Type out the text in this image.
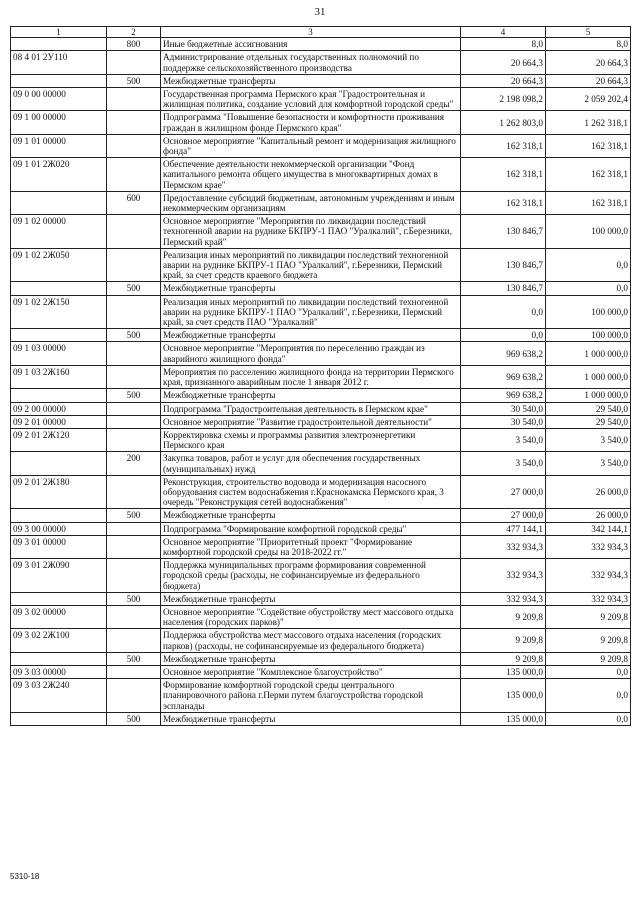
31
1	2	3	4	5
	800	Иные бюджетные ассигнования	8,0	8,0
08 4 01 2У110		Администрирование отдельных государственных полномочий по поддержке сельскохозяйственного производства	20 664,3	20 664,3
	500	Межбюджетные трансферты	20 664,3	20 664,3
09 0 00 00000		Государственная программа Пермского края "Градостроительная и жилищная политика, создание условий для комфортной городской среды"	2 198 098,2	2 059 202,4
09 1 00 00000		Подпрограмма "Повышение безопасности и комфортности проживания граждан в жилищном фонде Пермского края"	1 262 803,0	1 262 318,1
09 1 01 00000		Основное мероприятие "Капитальный ремонт и модернизация жилищного фонда"	162 318,1	162 318,1
09 1 01 2Ж020		Обеспечение деятельности некоммерческой организации "Фонд капитального ремонта общего имущества в многоквартирных домах в Пермском крае"	162 318,1	162 318,1
	600	Предоставление субсидий бюджетным, автономным учреждениям и иным некоммерческим организациям	162 318,1	162 318,1
09 1 02 00000		Основное мероприятие "Мероприятия по ликвидации последствий техногенной аварии на руднике БКПРУ-1 ПАО "Уралкалий", г.Березники, Пермский край"	130 846,7	100 000,0
09 1 02 2Ж050		Реализация иных мероприятий по ликвидации последствий техногенной аварии на руднике БКПРУ-1 ПАО "Уралкалий", г.Березники, Пермский край, за счет средств краевого бюджета	130 846,7	0,0
	500	Межбюджетные трансферты	130 846,7	0,0
09 1 02 2Ж150		Реализация иных мероприятий по ликвидации последствий техногенной аварии на руднике БКПРУ-1 ПАО "Уралкалий", г.Березники, Пермский край, за счет средств ПАО "Уралкалий"	0,0	100 000,0
	500	Межбюджетные трансферты	0,0	100 000,0
09 1 03 00000		Основное мероприятие "Мероприятия по переселению граждан из аварийного жилищного фонда"	969 638,2	1 000 000,0
09 1 03 2Ж160		Мероприятия по расселению жилищного фонда на территории Пермского края, признанного аварийным после 1 января 2012 г.	969 638,2	1 000 000,0
	500	Межбюджетные трансферты	969 638,2	1 000 000,0
09 2 00 00000		Подпрограмма "Градостроительная деятельность в Пермском крае"	30 540,0	29 540,0
09 2 01 00000		Основное мероприятие "Развитие градостроительной деятельности"	30 540,0	29 540,0
09 2 01 2Ж120		Корректировка схемы и программы развития электроэнергетики Пермского края	3 540,0	3 540,0
	200	Закупка товаров, работ и услуг для обеспечения государственных (муниципальных) нужд	3 540,0	3 540,0
09 2 01 2Ж180		Реконструкция, строительство водовода и модернизация насосного оборудования систем водоснабжения г.Краснокамска Пермского края, 3 очередь "Реконструкция сетей водоснабжения"	27 000,0	26 000,0
	500	Межбюджетные трансферты	27 000,0	26 000,0
09 3 00 00000		Подпрограмма "Формирование комфортной городской среды"	477 144,1	342 144,1
09 3 01 00000		Основное мероприятие "Приоритетный проект "Формирование комфортной городской среды на 2018-2022 гг."	332 934,3	332 934,3
09 3 01 2Ж090		Поддержка муниципальных программ формирования современной городской среды (расходы, не софинансируемые из федерального бюджета)	332 934,3	332 934,3
	500	Межбюджетные трансферты	332 934,3	332 934,3
09 3 02 00000		Основное мероприятие "Содействие обустройству мест массового отдыха населения (городских парков)"	9 209,8	9 209,8
09 3 02 2Ж100		Поддержка обустройства мест массового отдыха населения (городских парков) (расходы, не софинансируемые из федерального бюджета)	9 209,8	9 209,8
	500	Межбюджетные трансферты	9 209,8	9 209,8
09 3 03 00000		Основное мероприятие "Комплексное благоустройство"	135 000,0	0,0
09 3 03 2Ж240		Формирование комфортной городской среды центрального планировочного района г.Перми путем благоустройства городской эспланады	135 000,0	0,0
	500	Межбюджетные трансферты	135 000,0	0,0
5310-18
